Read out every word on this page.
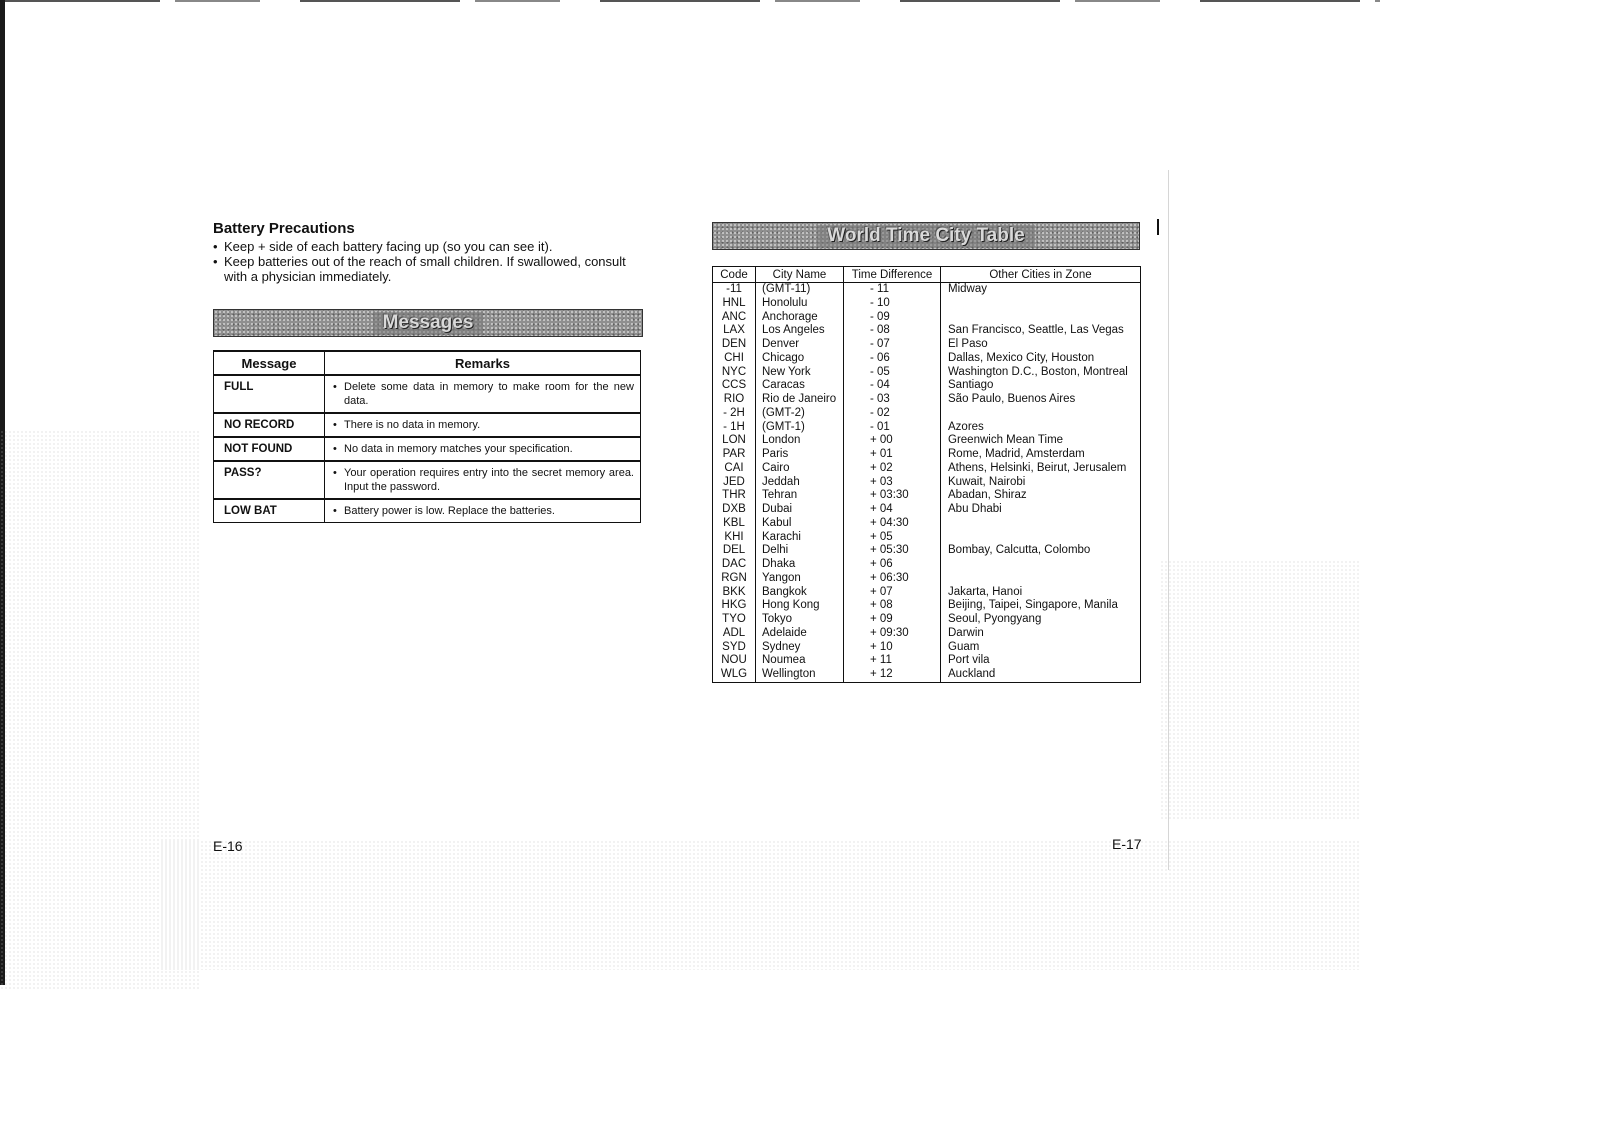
Battery Precautions
• Keep + side of each battery facing up (so you can see it).
• Keep batteries out of the reach of small children. If swallowed, consult with a physician immediately.
Messages
Message	Remarks
FULL	• Delete some data in memory to make room for the new data.

NO RECORD	• There is no data in memory.

NOT FOUND	• No data in memory matches your specification.

PASS?	• Your operation requires entry into the secret memory area. Input the password.

LOW BAT	• Battery power is low. Replace the batteries.
World Time City Table
Code	City Name	Time Difference	Other Cities in Zone
-11	(GMT-11)	- 11	Midway
HNL	Honolulu	- 10	
ANC	Anchorage	- 09	
LAX	Los Angeles	- 08	San Francisco, Seattle, Las Vegas
DEN	Denver	- 07	El Paso
CHI	Chicago	- 06	Dallas, Mexico City, Houston
NYC	New York	- 05	Washington D.C., Boston, Montreal
CCS	Caracas	- 04	Santiago
RIO	Rio de Janeiro	- 03	São Paulo, Buenos Aires
- 2H	(GMT-2)	- 02	
- 1H	(GMT-1)	- 01	Azores
LON	London	+ 00	Greenwich Mean Time
PAR	Paris	+ 01	Rome, Madrid, Amsterdam
CAI	Cairo	+ 02	Athens, Helsinki, Beirut, Jerusalem
JED	Jeddah	+ 03	Kuwait, Nairobi
THR	Tehran	+ 03:30	Abadan, Shiraz
DXB	Dubai	+ 04	Abu Dhabi
KBL	Kabul	+ 04:30	
KHI	Karachi	+ 05	
DEL	Delhi	+ 05:30	Bombay, Calcutta, Colombo
DAC	Dhaka	+ 06	
RGN	Yangon	+ 06:30	
BKK	Bangkok	+ 07	Jakarta, Hanoi
HKG	Hong Kong	+ 08	Beijing, Taipei, Singapore, Manila
TYO	Tokyo	+ 09	Seoul, Pyongyang
ADL	Adelaide	+ 09:30	Darwin
SYD	Sydney	+ 10	Guam
NOU	Noumea	+ 11	Port vila
WLG	Wellington	+ 12	Auckland
E-16	E-17
